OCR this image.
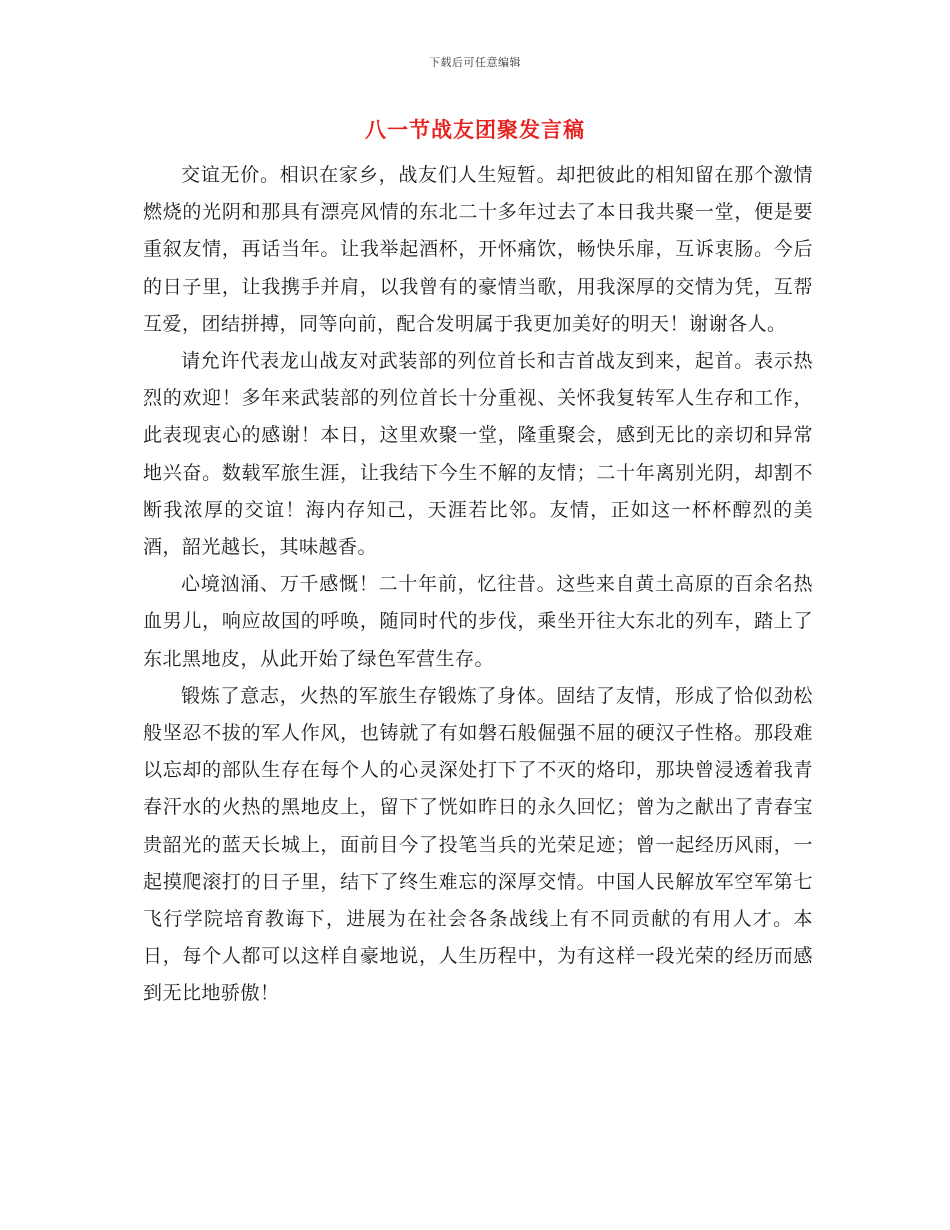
下载后可任意编辑
八一节战友团聚发言稿

交谊无价。相识在家乡，战友们人生短暂。却把彼此的相知留在那个激情燃烧的光阴和那具有漂亮风情的东北二十多年过去了本日我共聚一堂，便是要重叙友情，再话当年。让我举起酒杯，开怀痛饮，畅快乐扉，互诉衷肠。今后的日子里，让我携手并肩，以我曾有的豪情当歌，用我深厚的交情为凭，互帮互爱，团结拼搏，同等向前，配合发明属于我更加美好的明天！谢谢各人。

请允许代表龙山战友对武装部的列位首长和吉首战友到来，起首。表示热烈的欢迎！多年来武装部的列位首长十分重视、关怀我复转军人生存和工作，此表现衷心的感谢！本日，这里欢聚一堂，隆重聚会，感到无比的亲切和异常地兴奋。数载军旅生涯，让我结下今生不解的友情；二十年离别光阴，却割不断我浓厚的交谊！海内存知己，天涯若比邻。友情，正如这一杯杯醇烈的美酒，韶光越长，其味越香。

心境汹涌、万千感慨！二十年前，忆往昔。这些来自黄土高原的百余名热血男儿，响应故国的呼唤，随同时代的步伐，乘坐开往大东北的列车，踏上了东北黑地皮，从此开始了绿色军营生存。

锻炼了意志，火热的军旅生存锻炼了身体。固结了友情，形成了恰似劲松般坚忍不拔的军人作风，也铸就了有如磐石般倔强不屈的硬汉子性格。那段难以忘却的部队生存在每个人的心灵深处打下了不灭的烙印，那块曾浸透着我青春汗水的火热的黑地皮上，留下了恍如昨日的永久回忆；曾为之献出了青春宝贵韶光的蓝天长城上，面前目今了投笔当兵的光荣足迹；曾一起经历风雨，一起摸爬滚打的日子里，结下了终生难忘的深厚交情。中国人民解放军空军第七飞行学院培育教诲下，进展为在社会各条战线上有不同贡献的有用人才。本日，每个人都可以这样自豪地说，人生历程中，为有这样一段光荣的经历而感到无比地骄傲！
